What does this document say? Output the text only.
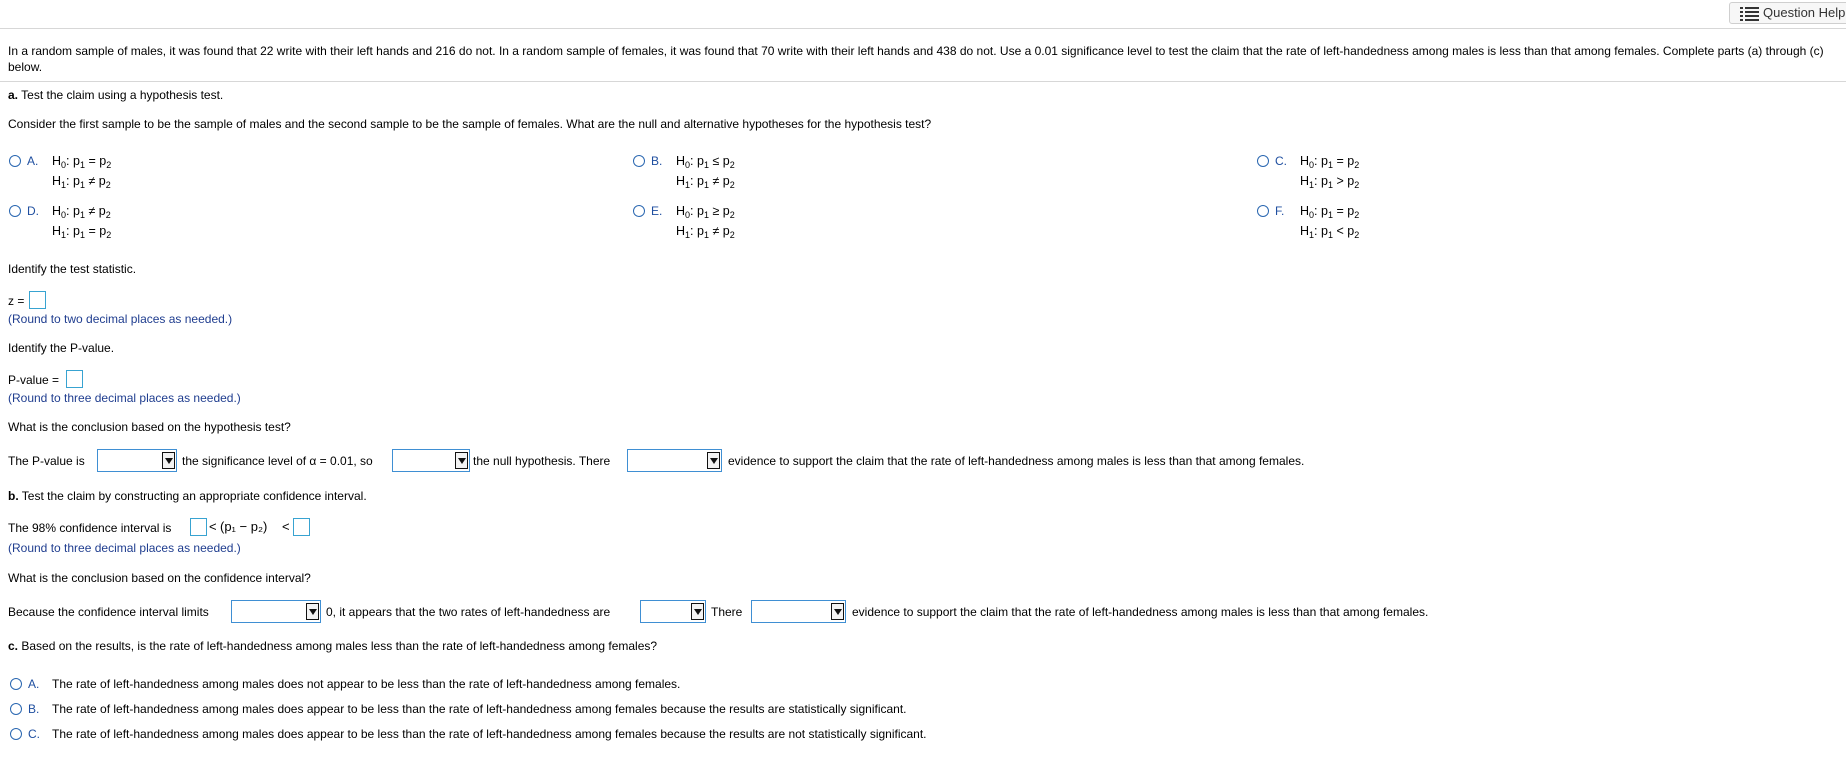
Question Help
In a random sample of males, it was found that 22 write with their left hands and 216 do not. In a random sample of females, it was found that 70 write with their left hands and 438 do not. Use a 0.01 significance level to test the claim that the rate of left-handedness among males is less than that among females. Complete parts (a) through (c) below.
a. Test the claim using a hypothesis test.
Consider the first sample to be the sample of males and the second sample to be the sample of females. What are the null and alternative hypotheses for the hypothesis test?
A. $H_0$: $p_1 = p_2$
$H_1$: $p_1 \ne p_2$
B. $H_0$: $p_1 \le p_2$
$H_1$: $p_1 \ne p_2$
C. $H_0$: $p_1 = p_2$
$H_1$: $p_1 > p_2$
D. $H_0$: $p_1 \ne p_2$
$H_1$: $p_1 = p_2$
E. $H_0$: $p_1 \ge p_2$
$H_1$: $p_1 \ne p_2$
F. $H_0$: $p_1 = p_2$
$H_1$: $p_1 < p_2$
Identify the test statistic.
z =
(Round to two decimal places as needed.)
Identify the P-value.
P-value =
(Round to three decimal places as needed.)
What is the conclusion based on the hypothesis test?
The P-value is	the significance level of α = 0.01, so	the null hypothesis. There	evidence to support the claim that the rate of left-handedness among males is less than that among females.
b. Test the claim by constructing an appropriate confidence interval.
The 98% confidence interval is	< (p₁ − p₂) <
(Round to three decimal places as needed.)
What is the conclusion based on the confidence interval?
Because the confidence interval limits	0, it appears that the two rates of left-handedness are	There	evidence to support the claim that the rate of left-handedness among males is less than that among females.
c. Based on the results, is the rate of left-handedness among males less than the rate of left-handedness among females?
A. The rate of left-handedness among males does not appear to be less than the rate of left-handedness among females.
B. The rate of left-handedness among males does appear to be less than the rate of left-handedness among females because the results are statistically significant.
C. The rate of left-handedness among males does appear to be less than the rate of left-handedness among females because the results are not statistically significant.
